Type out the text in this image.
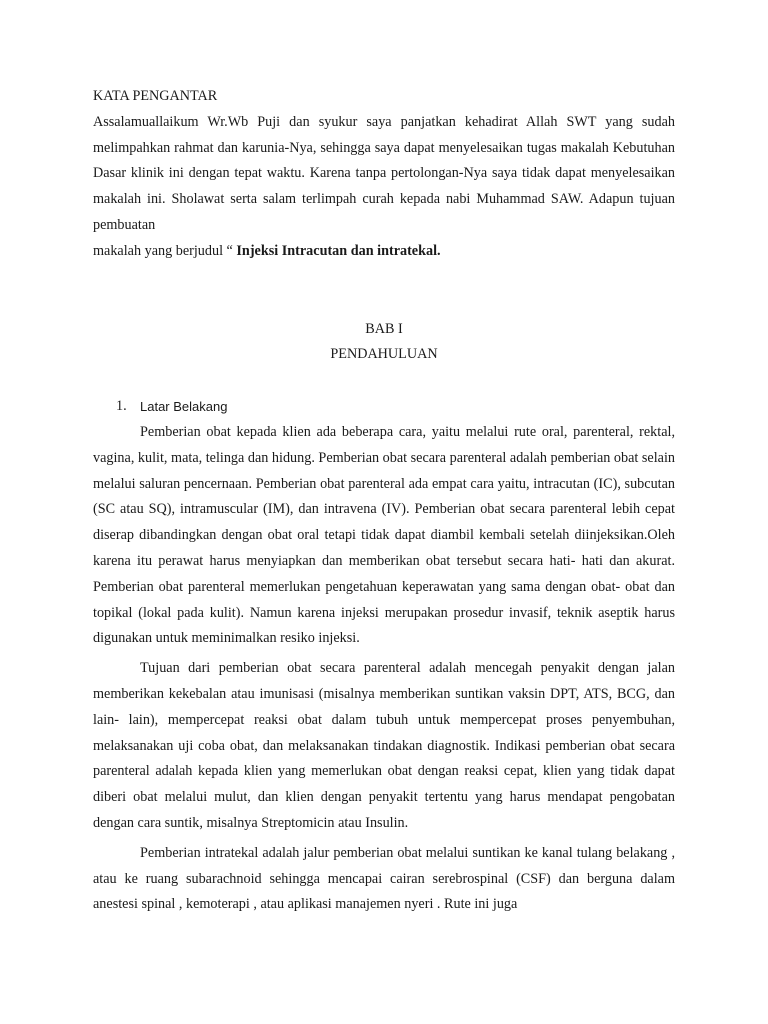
KATA PENGANTAR

Assalamuallaikum Wr.Wb Puji dan syukur saya panjatkan kehadirat Allah SWT yang sudah melimpahkan rahmat dan karunia-Nya, sehingga saya dapat menyelesaikan tugas makalah Kebutuhan Dasar klinik ini dengan tepat waktu. Karena tanpa pertolongan-Nya saya tidak dapat menyelesaikan makalah ini. Sholawat serta salam terlimpah curah kepada nabi Muhammad SAW. Adapun tujuan pembuatan

makalah yang berjudul “ Injeksi Intracutan dan intratekal.

BAB I

PENDAHULUAN

1.	Latar Belakang

Pemberian obat kepada klien ada beberapa cara, yaitu melalui rute oral, parenteral, rektal, vagina, kulit, mata, telinga dan hidung. Pemberian obat secara parenteral adalah pemberian obat selain melalui saluran pencernaan. Pemberian obat parenteral ada empat cara yaitu, intracutan (IC), subcutan (SC atau SQ), intramuscular (IM), dan intravena (IV). Pemberian obat secara parenteral lebih cepat diserap dibandingkan dengan obat oral tetapi tidak dapat diambil kembali setelah diinjeksikan.Oleh karena itu perawat harus menyiapkan dan memberikan obat tersebut secara hati- hati dan akurat. Pemberian obat parenteral memerlukan pengetahuan keperawatan yang sama dengan obat- obat dan topikal (lokal pada kulit). Namun karena injeksi merupakan prosedur invasif, teknik aseptik harus digunakan untuk meminimalkan resiko injeksi.

Tujuan dari pemberian obat secara parenteral adalah mencegah penyakit dengan jalan memberikan kekebalan atau imunisasi (misalnya memberikan suntikan vaksin DPT, ATS, BCG, dan lain- lain), mempercepat reaksi obat dalam tubuh untuk mempercepat proses penyembuhan, melaksanakan uji coba obat, dan melaksanakan tindakan diagnostik. Indikasi pemberian obat secara parenteral adalah kepada klien yang memerlukan obat dengan reaksi cepat, klien yang tidak dapat diberi obat melalui mulut, dan klien dengan penyakit tertentu yang harus mendapat pengobatan dengan cara suntik, misalnya Streptomicin atau Insulin.

Pemberian intratekal adalah jalur pemberian obat melalui suntikan ke kanal tulang belakang , atau ke ruang subarachnoid sehingga mencapai cairan serebrospinal (CSF) dan berguna dalam anestesi spinal , kemoterapi , atau aplikasi manajemen nyeri . Rute ini juga
